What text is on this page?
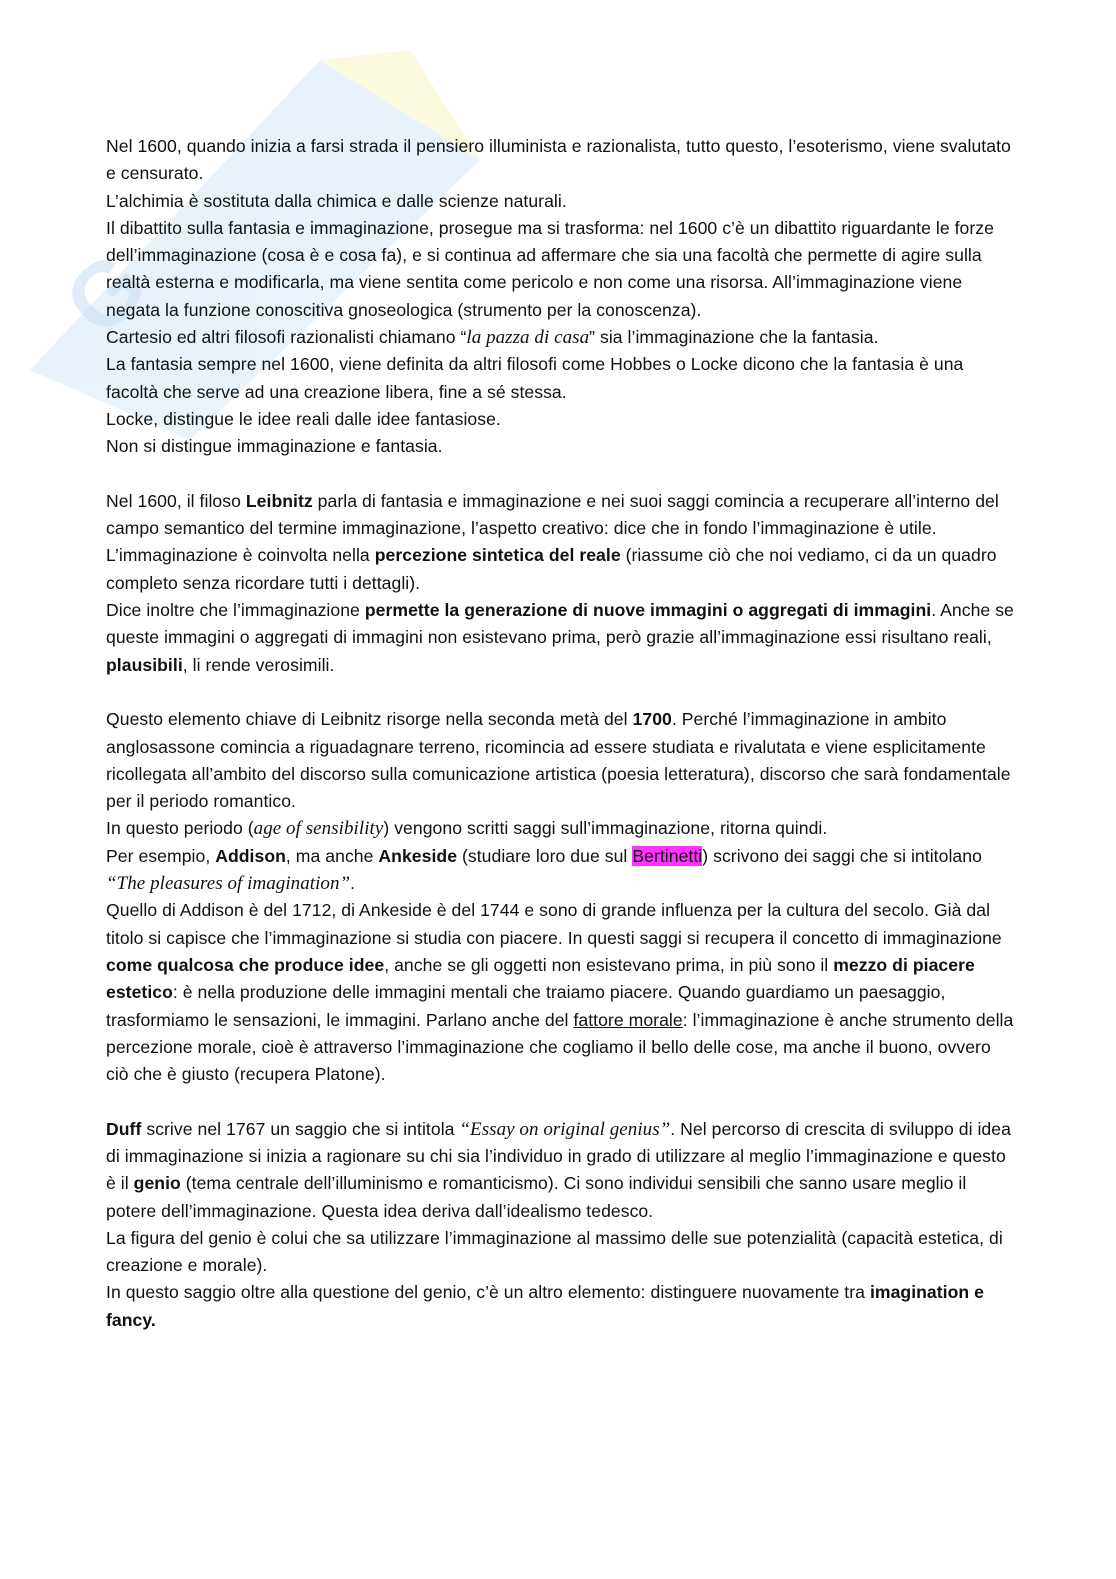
G

Nel 1600, quando inizia a farsi strada il pensiero illuminista e razionalista, tutto questo, l’esoterismo, viene svalutato e censurato.

L’alchimia è sostituta dalla chimica e dalle scienze naturali.

Il dibattito sulla fantasia e immaginazione, prosegue ma si trasforma: nel 1600 c’è un dibattito riguardante le forze dell’immaginazione (cosa è e cosa fa), e si continua ad affermare che sia una facoltà che permette di agire sulla realtà esterna e modificarla, ma viene sentita come pericolo e non come una risorsa. All’immaginazione viene negata la funzione conoscitiva gnoseologica (strumento per la conoscenza).

Cartesio ed altri filosofi razionalisti chiamano “la pazza di casa” sia l’immaginazione che la fantasia.

La fantasia sempre nel 1600, viene definita da altri filosofi come Hobbes o Locke dicono che la fantasia è una facoltà che serve ad una creazione libera, fine a sé stessa.

Locke, distingue le idee reali dalle idee fantasiose.

Non si distingue immaginazione e fantasia.

Nel 1600, il filoso Leibnitz parla di fantasia e immaginazione e nei suoi saggi comincia a recuperare all’interno del campo semantico del termine immaginazione, l’aspetto creativo: dice che in fondo l’immaginazione è utile. L’immaginazione è coinvolta nella percezione sintetica del reale (riassume ciò che noi vediamo, ci da un quadro completo senza ricordare tutti i dettagli).

Dice inoltre che l’immaginazione permette la generazione di nuove immagini o aggregati di immagini. Anche se queste immagini o aggregati di immagini non esistevano prima, però grazie all’immaginazione essi risultano reali, plausibili, li rende verosimili.

Questo elemento chiave di Leibnitz risorge nella seconda metà del 1700. Perché l’immaginazione in ambito anglosassone comincia a riguadagnare terreno, ricomincia ad essere studiata e rivalutata e viene esplicitamente ricollegata all’ambito del discorso sulla comunicazione artistica (poesia letteratura), discorso che sarà fondamentale per il periodo romantico.

In questo periodo (age of sensibility) vengono scritti saggi sull’immaginazione, ritorna quindi.

Per esempio, Addison, ma anche Ankeside (studiare loro due sul Bertinetti) scrivono dei saggi che si intitolano “The pleasures of imagination”.

Quello di Addison è del 1712, di Ankeside è del 1744 e sono di grande influenza per la cultura del secolo. Già dal titolo si capisce che l’immaginazione si studia con piacere. In questi saggi si recupera il concetto di immaginazione come qualcosa che produce idee, anche se gli oggetti non esistevano prima, in più sono il mezzo di piacere estetico: è nella produzione delle immagini mentali che traiamo piacere. Quando guardiamo un paesaggio, trasformiamo le sensazioni, le immagini. Parlano anche del fattore morale: l’immaginazione è anche strumento della percezione morale, cioè è attraverso l’immaginazione che cogliamo il bello delle cose, ma anche il buono, ovvero ciò che è giusto (recupera Platone).

Duff scrive nel 1767 un saggio che si intitola “Essay on original genius”. Nel percorso di crescita di sviluppo di idea di immaginazione si inizia a ragionare su chi sia l’individuo in grado di utilizzare al meglio l’immaginazione e questo è il genio (tema centrale dell’illuminismo e romanticismo). Ci sono individui sensibili che sanno usare meglio il potere dell’immaginazione. Questa idea deriva dall’idealismo tedesco.

La figura del genio è colui che sa utilizzare l’immaginazione al massimo delle sue potenzialità (capacità estetica, di creazione e morale).

In questo saggio oltre alla questione del genio, c’è un altro elemento: distinguere nuovamente tra imagination e fancy.
